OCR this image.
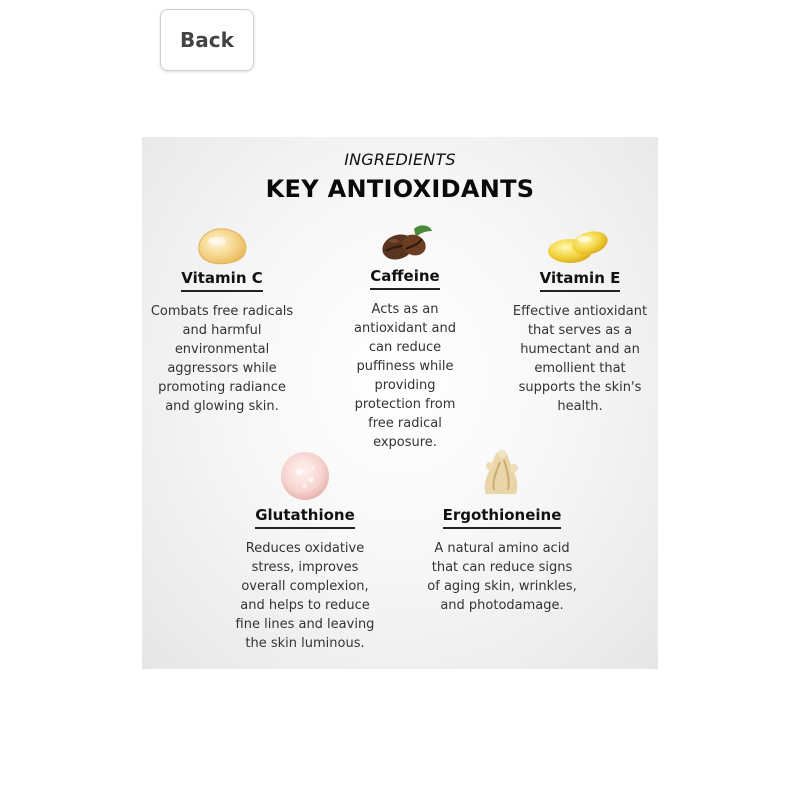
Back
INGREDIENTS
KEY ANTIOXIDANTS
Vitamin C
Combats free radicals and harmful environmental aggressors while promoting radiance and glowing skin.
Caffeine
Acts as an antioxidant and can reduce puffiness while providing protection from free radical exposure.
Vitamin E
Effective antioxidant that serves as a humectant and an emollient that supports the skin's health.
Glutathione
Reduces oxidative stress, improves overall complexion, and helps to reduce fine lines and leaving the skin luminous.
Ergothioneine
A natural amino acid that can reduce signs of aging skin, wrinkles, and photodamage.
